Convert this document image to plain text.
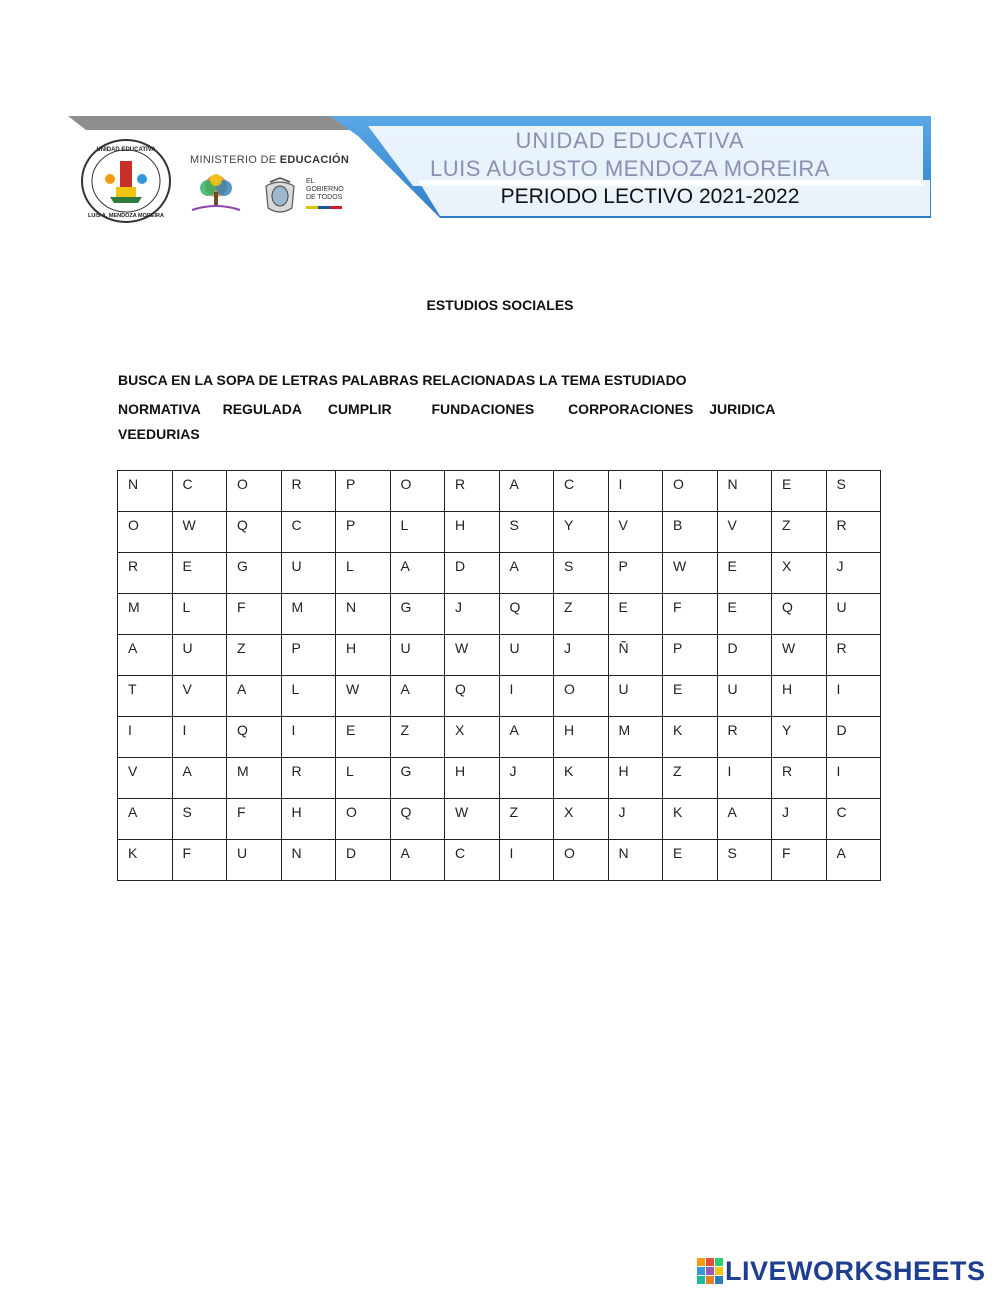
UNIDAD EDUCATIVA
LUIS AUGUSTO MENDOZA MOREIRA
PERIODO LECTIVO 2021-2022
UNIDAD EDUCATIVA
LUIS A. MENDOZA MOREIRA
MINISTERIO DE EDUCACIÓN
EL
GOBIERNO
DE TODOS
ESTUDIOS SOCIALES
BUSCA EN LA SOPA DE LETRAS PALABRAS RELACIONADAS LA TEMA ESTUDIADO
NORMATIVA REGULADA CUMPLIR	FUNDACIONES CORPORACIONES JURIDICA VEEDURIAS
N	C	O	R	P	O	R	A	C	I	O	N	E	S
O	W	Q	C	P	L	H	S	Y	V	B	V	Z	R
R	E	G	U	L	A	D	A	S	P	W	E	X	J
M	L	F	M	N	G	J	Q	Z	E	F	E	Q	U
A	U	Z	P	H	U	W	U	J	Ñ	P	D	W	R
T	V	A	L	W	A	Q	I	O	U	E	U	H	I
I	I	Q	I	E	Z	X	A	H	M	K	R	Y	D
V	A	M	R	L	G	H	J	K	H	Z	I	R	I
A	S	F	H	O	Q	W	Z	X	J	K	A	J	C
K	F	U	N	D	A	C	I	O	N	E	S	F	A
LIVEWORKSHEETS
